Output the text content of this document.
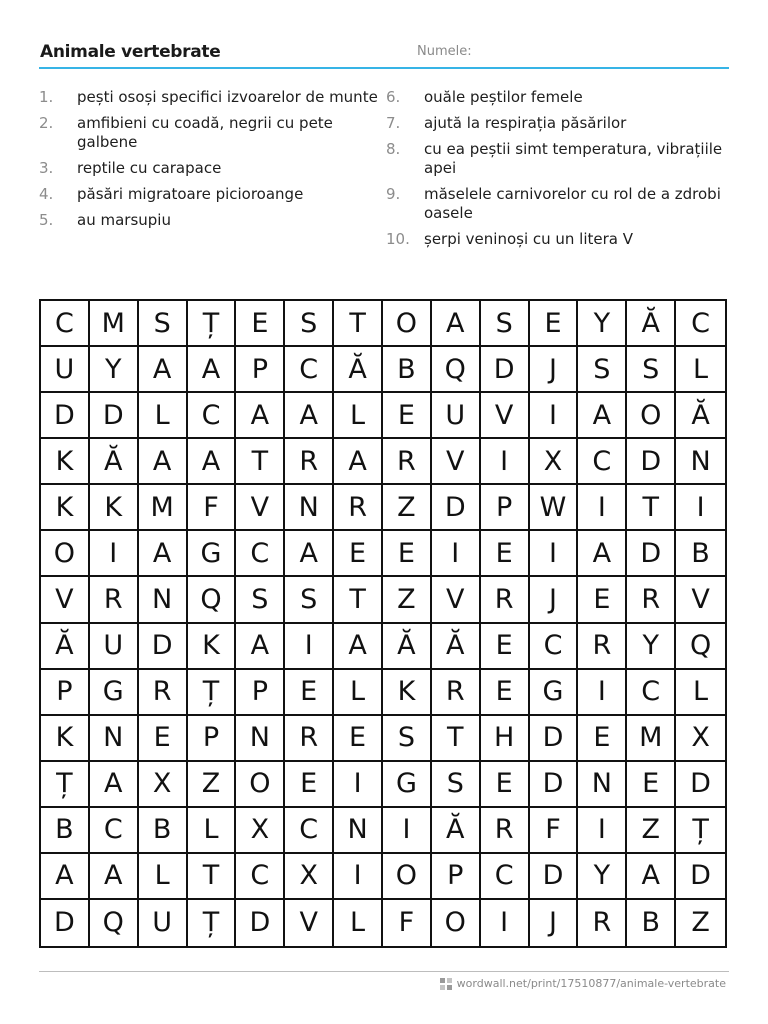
Animale vertebrate	Numele:
1.	pești osoși specifici izvoarelor de munte
2.	amfibieni cu coadă, negrii cu pete galbene
3.	reptile cu carapace
4.	păsări migratoare picioroange
5.	au marsupiu
6.	ouăle peștilor femele
7.	ajută la respirația păsărilor
8.	cu ea peștii simt temperatura, vibrațiile apei
9.	măselele carnivorelor cu rol de a zdrobi oasele
10. șerpi veninoși cu un litera V
C	M	S	Ț	E	S	T	O	A	S	E	Y	Ă	C
U	Y	A	A	P	C	Ă	B	Q	D	J	S	S	L
D	D	L	C	A	A	L	E	U	V	I	A	O	Ă
K	Ă	A	A	T	R	A	R	V	I	X	C	D	N
K	K	M	F	V	N	R	Z	D	P	W	I	T	I
O	I	A	G	C	A	E	E	I	E	I	A	D	B
V	R	N	Q	S	S	T	Z	V	R	J	E	R	V
Ă	U	D	K	A	I	A	Ă	Ă	E	C	R	Y	Q
P	G	R	Ț	P	E	L	K	R	E	G	I	C	L
K	N	E	P	N	R	E	S	T	H	D	E	M	X
Ț	A	X	Z	O	E	I	G	S	E	D	N	E	D
B	C	B	L	X	C	N	I	Ă	R	F	I	Z	Ț
A	A	L	T	C	X	I	O	P	C	D	Y	A	D
D	Q	U	Ț	D	V	L	F	O	I	J	R	B	Z
wordwall.net/print/17510877/animale-vertebrate
